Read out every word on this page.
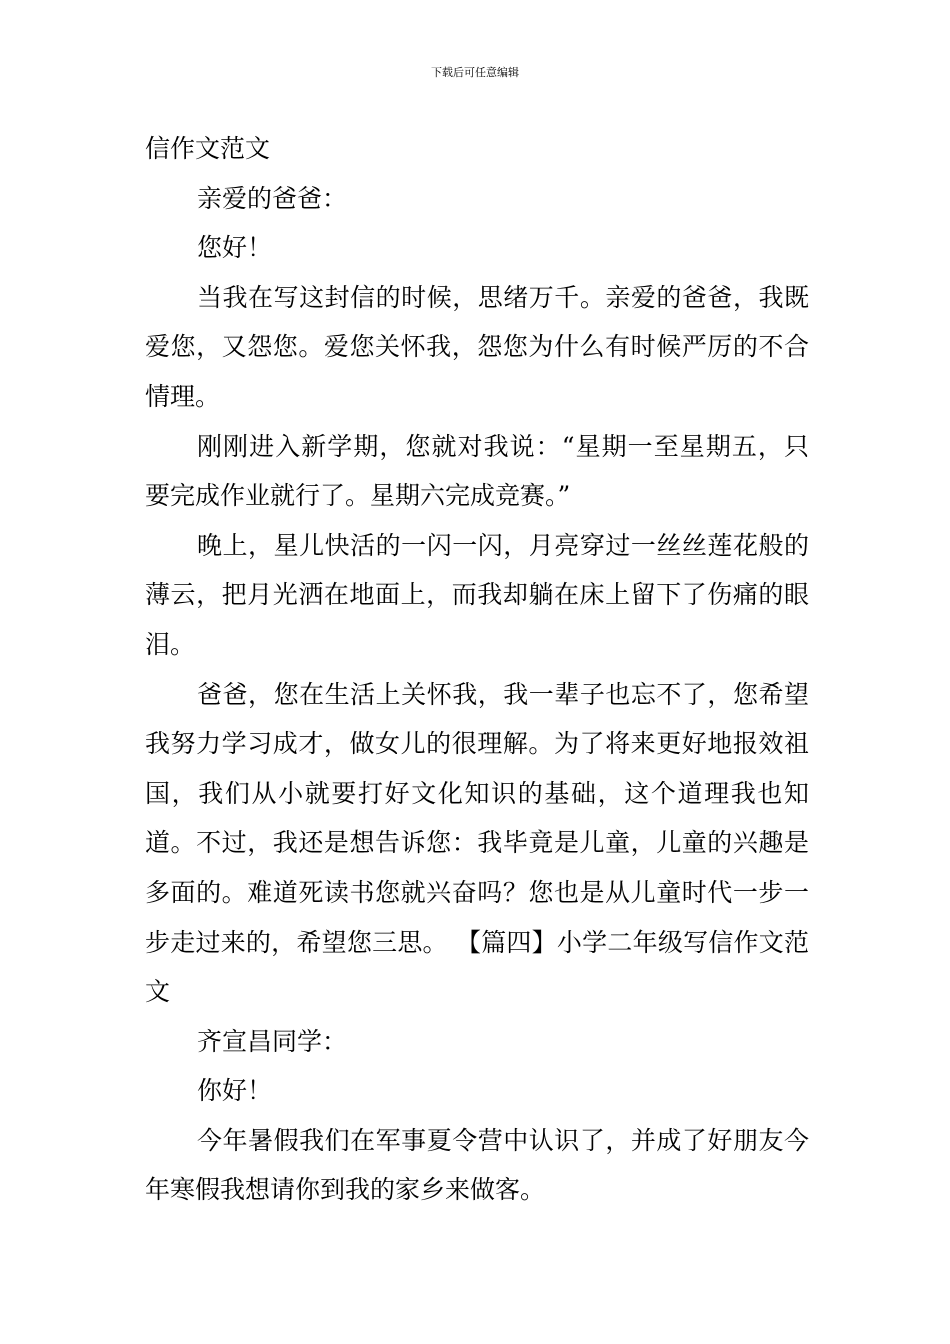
下载后可任意编辑

信作文范文

亲爱的爸爸：

您好！

当我在写这封信的时候，思绪万千。亲爱的爸爸，我既爱您，又怨您。爱您关怀我，怨您为什么有时候严厉的不合情理。

刚刚进入新学期，您就对我说：“星期一至星期五，只要完成作业就行了。星期六完成竞赛。”

晚上，星儿快活的一闪一闪，月亮穿过一丝丝莲花般的薄云，把月光洒在地面上，而我却躺在床上留下了伤痛的眼泪。

爸爸，您在生活上关怀我，我一辈子也忘不了，您希望我努力学习成才，做女儿的很理解。为了将来更好地报效祖国，我们从小就要打好文化知识的基础，这个道理我也知道。不过，我还是想告诉您：我毕竟是儿童，儿童的兴趣是多面的。难道死读书您就兴奋吗？您也是从儿童时代一步一步走过来的，希望您三思。 【篇四】小学二年级写信作文范文

齐宣昌同学：

你好！

今年暑假我们在军事夏令营中认识了，并成了好朋友今年寒假我想请你到我的家乡来做客。
